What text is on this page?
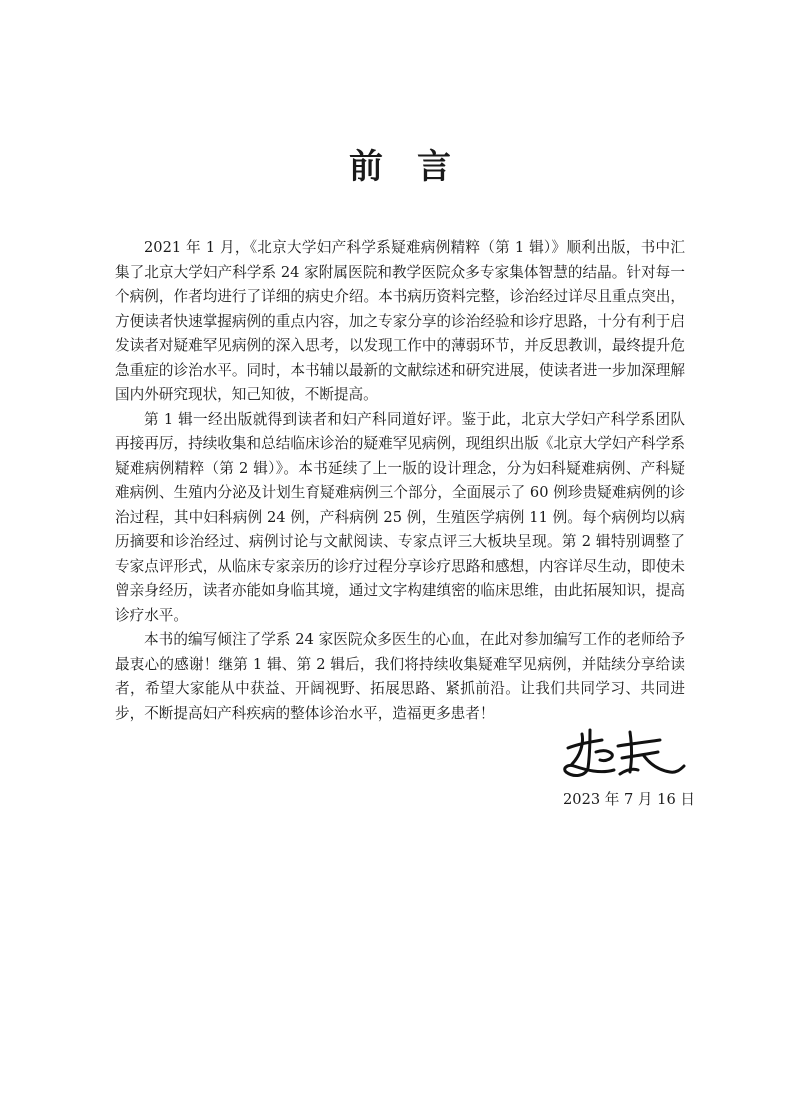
前言

2021 年 1 月，《北京大学妇产科学系疑难病例精粹（第 1 辑）》顺利出版，书中汇集了北京大学妇产科学系 24 家附属医院和教学医院众多专家集体智慧的结晶。针对每一个病例，作者均进行了详细的病史介绍。本书病历资料完整，诊治经过详尽且重点突出，方便读者快速掌握病例的重点内容，加之专家分享的诊治经验和诊疗思路，十分有利于启发读者对疑难罕见病例的深入思考，以发现工作中的薄弱环节，并反思教训，最终提升危急重症的诊治水平。同时，本书辅以最新的文献综述和研究进展，使读者进一步加深理解国内外研究现状，知己知彼，不断提高。

第 1 辑一经出版就得到读者和妇产科同道好评。鉴于此，北京大学妇产科学系团队再接再厉，持续收集和总结临床诊治的疑难罕见病例，现组织出版《北京大学妇产科学系疑难病例精粹（第 2 辑）》。本书延续了上一版的设计理念，分为妇科疑难病例、产科疑难病例、生殖内分泌及计划生育疑难病例三个部分，全面展示了 60 例珍贵疑难病例的诊治过程，其中妇科病例 24 例，产科病例 25 例，生殖医学病例 11 例。每个病例均以病历摘要和诊治经过、病例讨论与文献阅读、专家点评三大板块呈现。第 2 辑特别调整了专家点评形式，从临床专家亲历的诊疗过程分享诊疗思路和感想，内容详尽生动，即使未曾亲身经历，读者亦能如身临其境，通过文字构建缜密的临床思维，由此拓展知识，提高诊疗水平。

本书的编写倾注了学系 24 家医院众多医生的心血，在此对参加编写工作的老师给予最衷心的感谢！继第 1 辑、第 2 辑后，我们将持续收集疑难罕见病例，并陆续分享给读者，希望大家能从中获益、开阔视野、拓展思路、紧抓前沿。让我们共同学习、共同进步，不断提高妇产科疾病的整体诊治水平，造福更多患者！

2023 年 7 月 16 日
